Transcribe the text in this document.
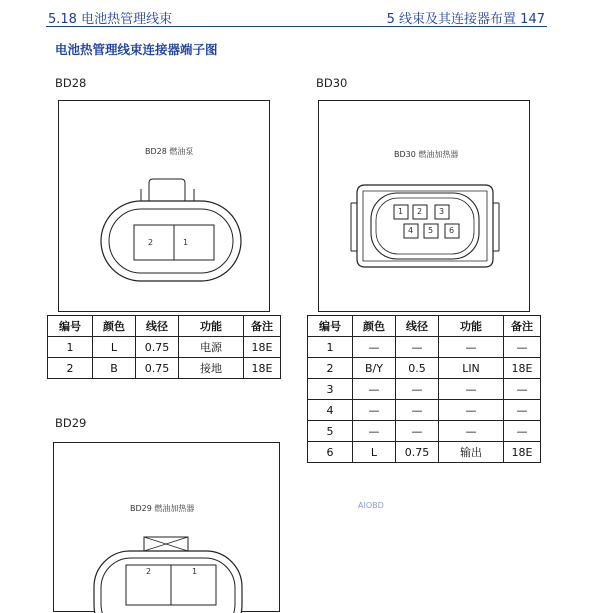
5.18 电池热管理线束	5 线束及其连接器布置 147
电池热管理线束连接器端子图
BD28
BD28 燃油泵
2	1
编号	颜色	线径	功能	备注
1	L	0.75	电源	18E
2	B	0.75	接地	18E
BD30
BD30 燃油加热器
1 2 3
4 5 6
编号	颜色	线径	功能	备注
1	—	—	—	—
2	B/Y	0.5	LIN	18E
3	—	—	—	—
4	—	—	—	—
5	—	—	—	—
6	L	0.75	输出	18E
BD29
BD29 燃油加热器
2	1
AIOBD
